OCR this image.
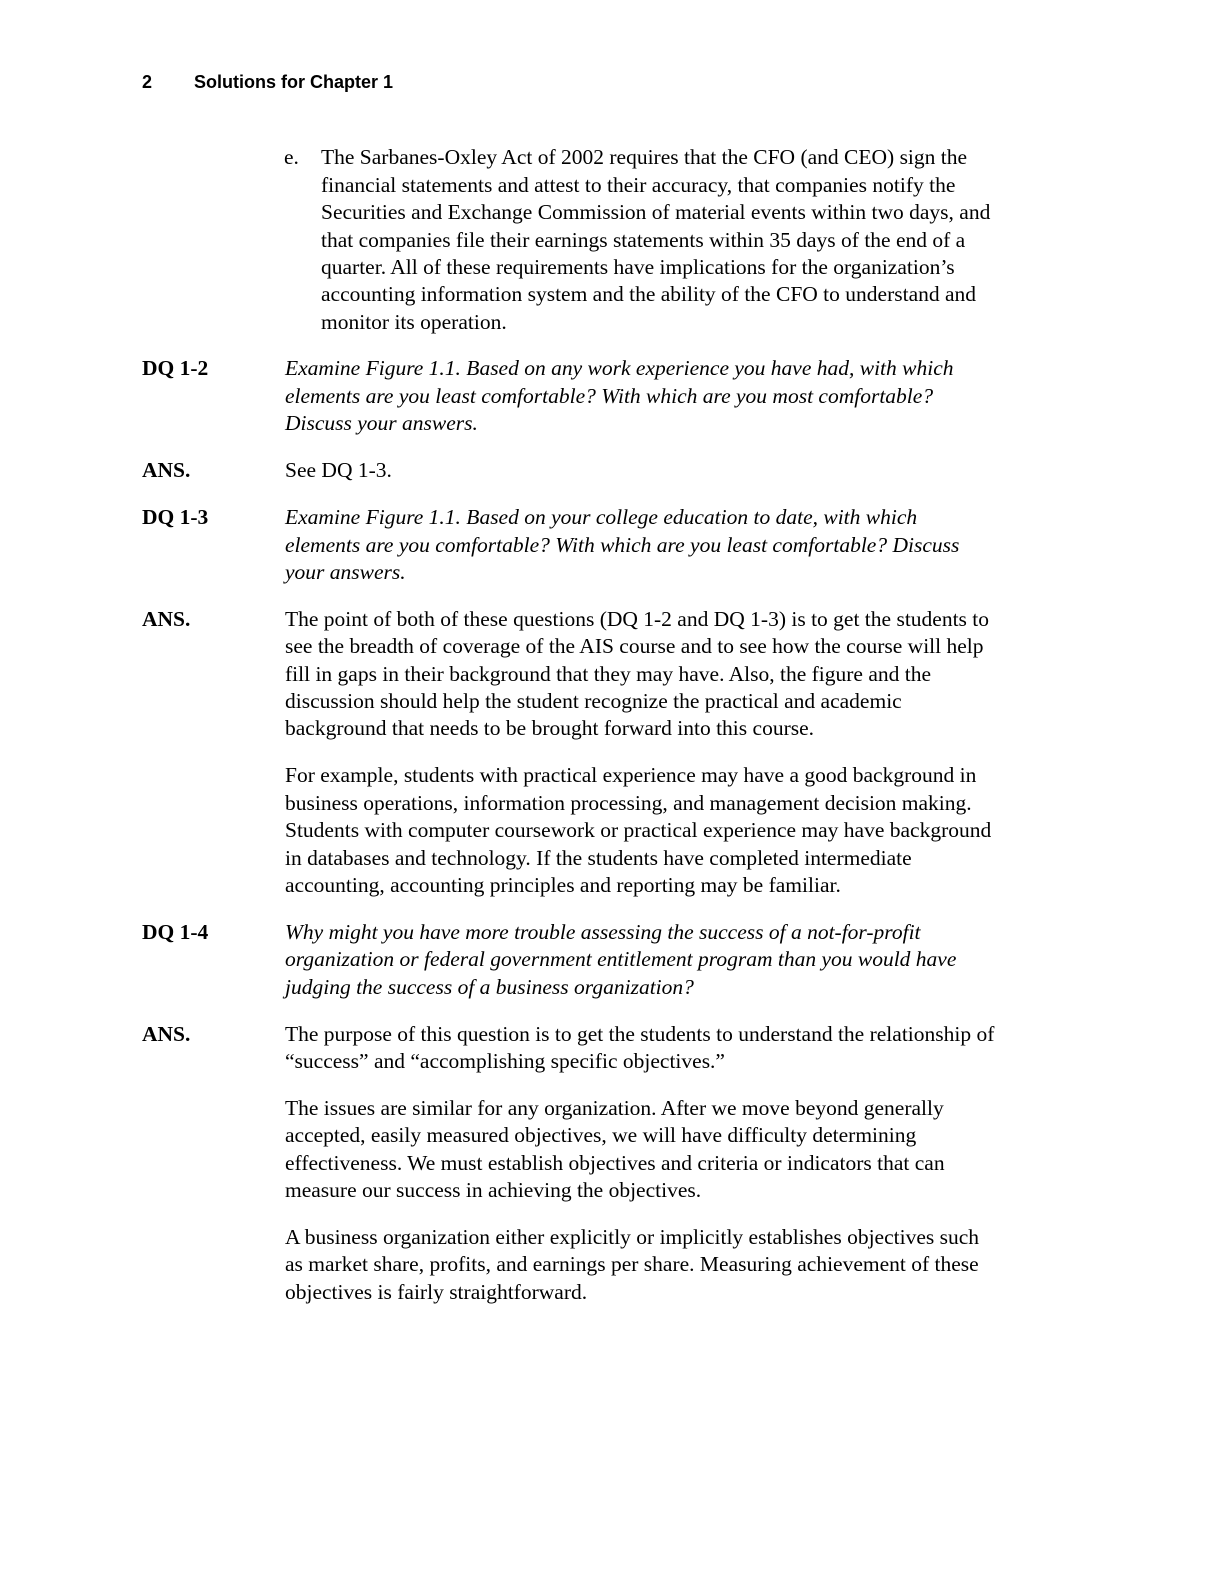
2 Solutions for Chapter 1
e. The Sarbanes-Oxley Act of 2002 requires that the CFO (and CEO) sign the
financial statements and attest to their accuracy, that companies notify the
Securities and Exchange Commission of material events within two days, and
that companies file their earnings statements within 35 days of the end of a
quarter. All of these requirements have implications for the organization’s
accounting information system and the ability of the CFO to understand and
monitor its operation.
DQ 1-2	Examine Figure 1.1. Based on any work experience you have had, with which
elements are you least comfortable? With which are you most comfortable?
Discuss your answers.
ANS.	See DQ 1-3.
DQ 1-3	Examine Figure 1.1. Based on your college education to date, with which
elements are you comfortable? With which are you least comfortable? Discuss
your answers.
ANS.	The point of both of these questions (DQ 1-2 and DQ 1-3) is to get the students to
see the breadth of coverage of the AIS course and to see how the course will help
fill in gaps in their background that they may have. Also, the figure and the
discussion should help the student recognize the practical and academic
background that needs to be brought forward into this course.
For example, students with practical experience may have a good background in
business operations, information processing, and management decision making.
Students with computer coursework or practical experience may have background
in databases and technology. If the students have completed intermediate
accounting, accounting principles and reporting may be familiar.
DQ 1-4	Why might you have more trouble assessing the success of a not-for-profit
organization or federal government entitlement program than you would have
judging the success of a business organization?
ANS.	The purpose of this question is to get the students to understand the relationship of
“success” and “accomplishing specific objectives.”
The issues are similar for any organization. After we move beyond generally
accepted, easily measured objectives, we will have difficulty determining
effectiveness. We must establish objectives and criteria or indicators that can
measure our success in achieving the objectives.
A business organization either explicitly or implicitly establishes objectives such
as market share, profits, and earnings per share. Measuring achievement of these
objectives is fairly straightforward.
